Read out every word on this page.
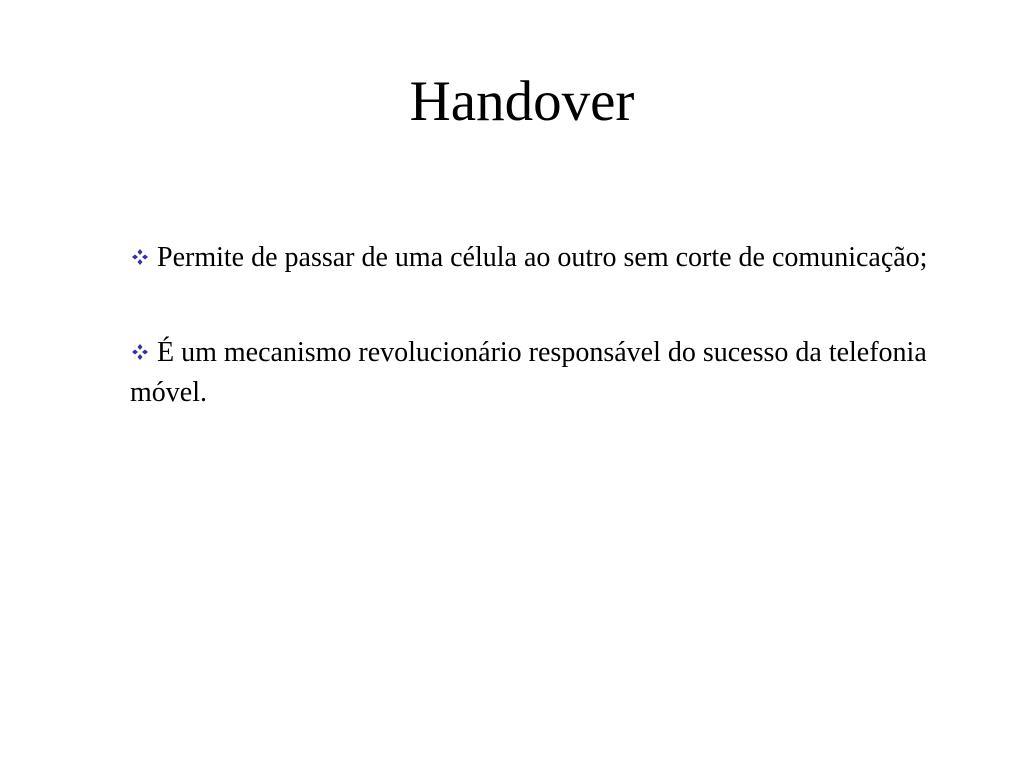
Handover
Permite de passar de uma célula ao outro sem corte de comunicação;
É um mecanismo revolucionário responsável do sucesso da telefonia móvel.
